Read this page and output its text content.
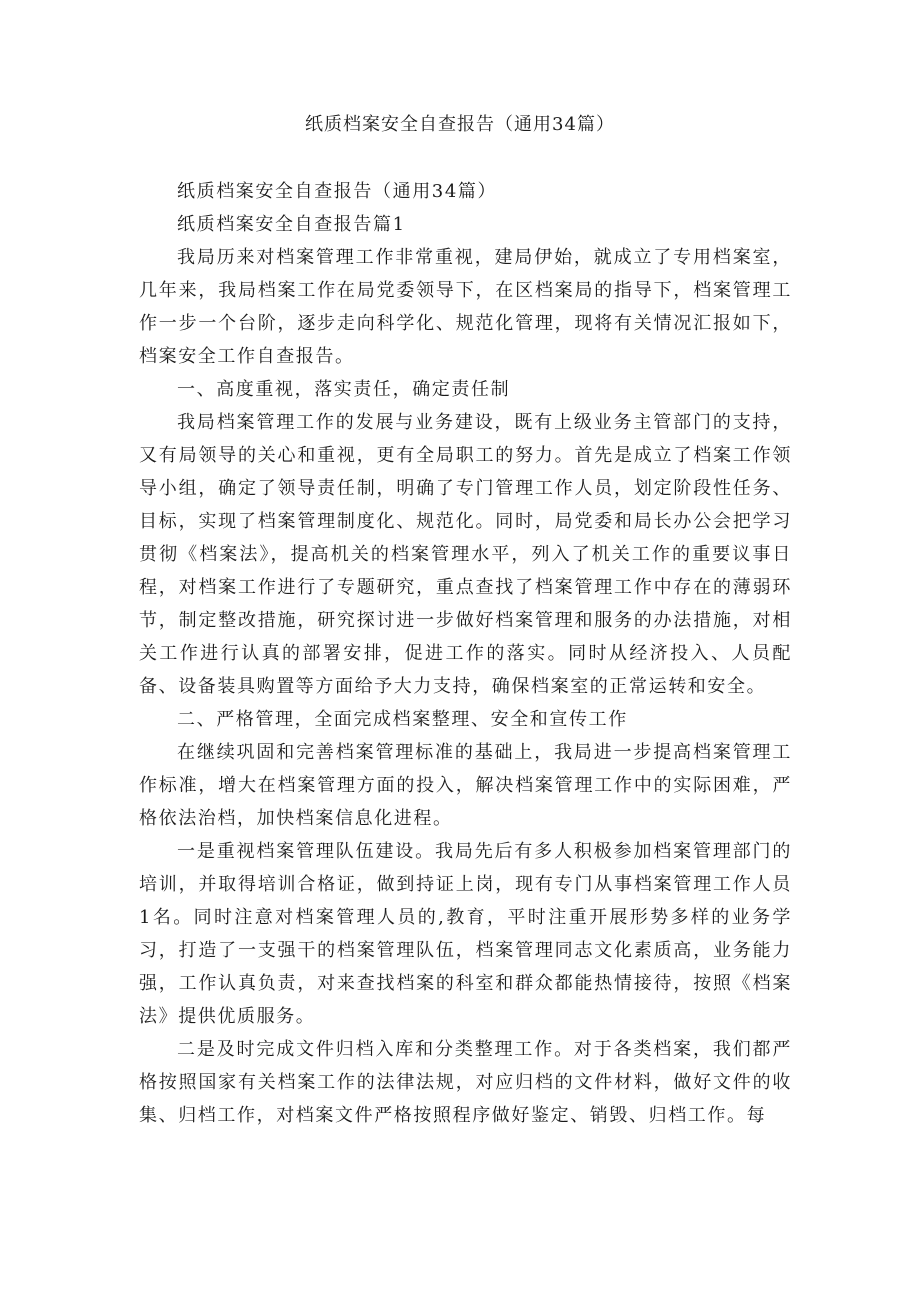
纸质档案安全自查报告（通用34篇）

纸质档案安全自查报告（通用34篇）

纸质档案安全自查报告篇1

我局历来对档案管理工作非常重视，建局伊始，就成立了专用档案室，几年来，我局档案工作在局党委领导下，在区档案局的指导下，档案管理工作一步一个台阶，逐步走向科学化、规范化管理，现将有关情况汇报如下，档案安全工作自查报告。

一、高度重视，落实责任，确定责任制

我局档案管理工作的发展与业务建设，既有上级业务主管部门的支持，又有局领导的关心和重视，更有全局职工的努力。首先是成立了档案工作领导小组，确定了领导责任制，明确了专门管理工作人员，划定阶段性任务、目标，实现了档案管理制度化、规范化。同时，局党委和局长办公会把学习贯彻《档案法》，提高机关的档案管理水平，列入了机关工作的重要议事日程，对档案工作进行了专题研究，重点查找了档案管理工作中存在的薄弱环节，制定整改措施，研究探讨进一步做好档案管理和服务的办法措施，对相关工作进行认真的部署安排，促进工作的落实。同时从经济投入、人员配备、设备装具购置等方面给予大力支持，确保档案室的正常运转和安全。

二、严格管理，全面完成档案整理、安全和宣传工作

在继续巩固和完善档案管理标准的基础上，我局进一步提高档案管理工作标准，增大在档案管理方面的投入，解决档案管理工作中的实际困难，严格依法治档，加快档案信息化进程。

一是重视档案管理队伍建设。我局先后有多人积极参加档案管理部门的培训，并取得培训合格证，做到持证上岗，现有专门从事档案管理工作人员1名。同时注意对档案管理人员的,教育，平时注重开展形势多样的业务学习，打造了一支强干的档案管理队伍，档案管理同志文化素质高，业务能力强，工作认真负责，对来查找档案的科室和群众都能热情接待，按照《档案法》提供优质服务。

二是及时完成文件归档入库和分类整理工作。对于各类档案，我们都严格按照国家有关档案工作的法律法规，对应归档的文件材料，做好文件的收集、归档工作，对档案文件严格按照程序做好鉴定、销毁、归档工作。每
